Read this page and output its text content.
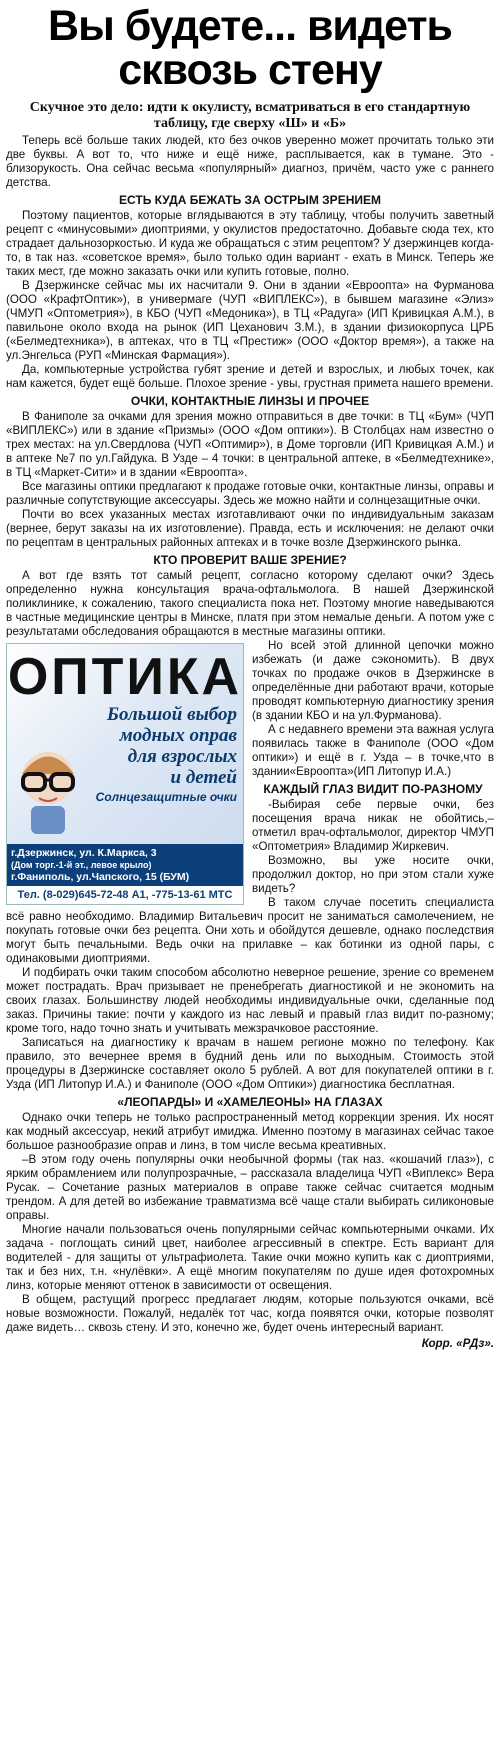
Вы будете... видеть сквозь стену
Скучное это дело: идти к окулисту, всматриваться в его стандартную таблицу, где сверху «Ш» и «Б»

Теперь всё больше таких людей, кто без очков уверенно может прочитать только эти две буквы. А вот то, что ниже и ещё ниже, расплывается, как в тумане. Это - близорукость. Она сейчас весьма «популярный» диагноз, причём, часто уже с раннего детства.

ЕСТЬ КУДА БЕЖАТЬ ЗА ОСТРЫМ ЗРЕНИЕМ

Поэтому пациентов, которые вглядываются в эту таблицу, чтобы получить заветный рецепт с «минусовыми» диоптриями, у окулистов предостаточно. Добавьте сюда тех, кто страдает дальнозоркостью. И куда же обращаться с этим рецептом? У дзержинцев когда-то, в так наз. «советское время», было только один вариант - ехать в Минск. Теперь же таких мест, где можно заказать очки или купить готовые, полно.

В Дзержинске сейчас мы их насчитали 9. Они в здании «Евроопта» на Фурманова (ООО «КрафтОптик»), в универмаге (ЧУП «ВИПЛЕКС»), в бывшем магазине «Элиз» (ЧМУП «Оптометрия»), в КБО (ЧУП «Медоника»), в ТЦ «Радуга» (ИП Кривицкая А.М.), в павильоне около входа на рынок (ИП Цеханович З.М.), в здании физиокорпуса ЦРБ («Белмедтехника»), в аптеках, что в ТЦ «Престиж» (ООО «Доктор время»), а также на ул.Энгельса (РУП «Минская Фармация»).

Да, компьютерные устройства губят зрение и детей и взрослых, и любых точек, как нам кажется, будет ещё больше. Плохое зрение - увы, грустная примета нашего времени.

ОЧКИ, КОНТАКТНЫЕ ЛИНЗЫ И ПРОЧЕЕ

В Фаниполе за очками для зрения можно отправиться в две точки: в ТЦ «Бум» (ЧУП «ВИПЛЕКС») или в здание «Призмы» (ООО «Дом оптики»). В Столбцах нам известно о трех местах: на ул.Свердлова (ЧУП «Оптимир»), в Доме торговли (ИП Кривицкая А.М.) и в аптеке №7 по ул.Гайдука. В Узде – 4 точки: в центральной аптеке, в «Белмедтехнике», в ТЦ «Маркет-Сити» и в здании «Евроопта».

Все магазины оптики предлагают к продаже готовые очки, контактные линзы, оправы и различные сопутствующие аксессуары. Здесь же можно найти и солнцезащитные очки.

Почти во всех указанных местах изготавливают очки по индивидуальным заказам (вернее, берут заказы на их изготовление). Правда, есть и исключения: не делают очки по рецептам в центральных районных аптеках и в точке возле Дзержинского рынка.

КТО ПРОВЕРИТ ВАШЕ ЗРЕНИЕ?

А вот где взять тот самый рецепт, согласно которому сделают очки? Здесь определенно нужна консультация врача-офтальмолога. В нашей Дзержинской поликлинике, к сожалению, такого специалиста пока нет. Поэтому многие наведываются в частные медицинские центры в Минске, платя при этом немалые деньги. А потом уже с результатами обследования обращаются в местные магазины оптики.

ОПТИКА
Большой выбор
модных оправ
для взрослых
и детей
Солнцезащитные очки
г.Дзержинск, ул. К.Маркса, 3
(Дом торг.-1-й эт., левое крыло)
г.Фаниполь, ул.Чапского, 15 (БУМ)
Тел. (8-029)645-72-48 A1, -775-13-61 МТС

Но всей этой длинной цепочки можно избежать (и даже сэкономить). В двух точках по продаже очков в Дзержинске в определённые дни работают врачи, которые проводят компьютерную диагностику зрения (в здании КБО и на ул.Фурманова).

А с недавнего времени эта важная услуга появилась также в Фаниполе (ООО «Дом оптики») и ещё в г. Узда – в точке,что в здании«Евроопта»(ИП Литопур И.А.)

КАЖДЫЙ ГЛАЗ ВИДИТ ПО-РАЗНОМУ

-Выбирая себе первые очки, без посещения врача никак не обойтись,– отметил врач-офтальмолог, директор ЧМУП «Оптометрия» Владимир Жиркевич.

Возможно, вы уже носите очки, продолжил доктор, но при этом стали хуже видеть?

В таком случае посетить специалиста всё равно необходимо. Владимир Витальевич просит не заниматься самолечением, не покупать готовые очки без рецепта. Они хоть и обойдутся дешевле, однако последствия могут быть печальными. Ведь очки на прилавке – как ботинки из одной пары, с одинаковыми диоптриями.

И подбирать очки таким способом абсолютно неверное решение, зрение со временем может пострадать. Врач призывает не пренебрегать диагностикой и не экономить на своих глазах. Большинству людей необходимы индивидуальные очки, сделанные под заказ. Причины такие: почти у каждого из нас левый и правый глаз видит по-разному; кроме того, надо точно знать и учитывать межзрачковое расстояние.

Записаться на диагностику к врачам в нашем регионе можно по телефону. Как правило, это вечернее время в будний день или по выходным. Стоимость этой процедуры в Дзержинске составляет около 5 рублей. А вот для покупателей оптики в г. Узда (ИП Литопур И.А.) и Фаниполе (ООО «Дом Оптики») диагностика бесплатная.

«ЛЕОПАРДЫ» И «ХАМЕЛЕОНЫ» НА ГЛАЗАХ

Однако очки теперь не только распространенный метод коррекции зрения. Их носят как модный аксессуар, некий атрибут имиджа. Именно поэтому в магазинах сейчас такое большое разнообразие оправ и линз, в том числе весьма креативных.

–В этом году очень популярны очки необычной формы (так наз. «кошачий глаз»), с ярким обрамлением или полупрозрачные, – рассказала владелица ЧУП «Виплекс» Вера Русак. – Сочетание разных материалов в оправе также сейчас считается модным трендом. А для детей во избежание травматизма всё чаще стали выбирать силиконовые оправы.

Многие начали пользоваться очень популярными сейчас компьютерными очками. Их задача - поглощать синий цвет, наиболее агрессивный в спектре. Есть вариант для водителей - для защиты от ультрафиолета. Такие очки можно купить как с диоптриями, так и без них, т.н. «нулёвки». А ещё многим покупателям по душе идея фотохромных линз, которые меняют оттенок в зависимости от освещения.

В общем, растущий прогресс предлагает людям, которые пользуются очками, всё новые возможности. Пожалуй, недалёк тот час, когда появятся очки, которые позволят даже видеть… сквозь стену. И это, конечно же, будет очень интересный вариант.

Корр. «РДз».
